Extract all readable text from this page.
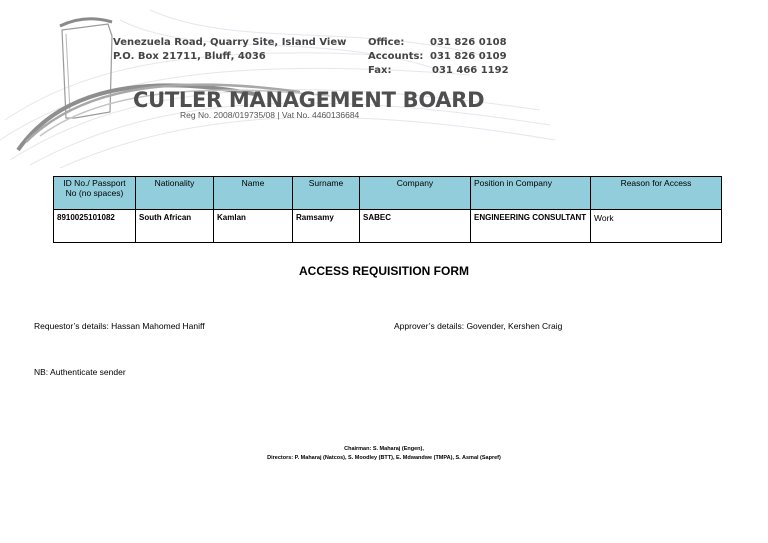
Venezuela Road, Quarry Site, Island View
P.O. Box 21711, Bluff, 4036
Office:	031 826 0108
Accounts: 031 826 0109
Fax:	031 466 1192
CUTLER MANAGEMENT BOARD
Reg No. 2008/019735/08 | Vat No. 4460136684
ID No./ Passport No (no spaces)	Nationality	Name	Surname	Company	Position in Company	Reason for Access
8910025101082	South African	Kamlan	Ramsamy	SABEC	ENGINEERING CONSULTANT	Work
ACCESS REQUISITION FORM
Requestor’s details: Hassan Mahomed Haniff	Approver’s details: Govender, Kershen Craig
NB: Authenticate sender
Chairman: S. Maharaj (Engen),
Directors: P. Maharaj (Natcos), S. Moodley (BTT), E. Mdwandwe (TMPA), S. Asmal (Sapref)
